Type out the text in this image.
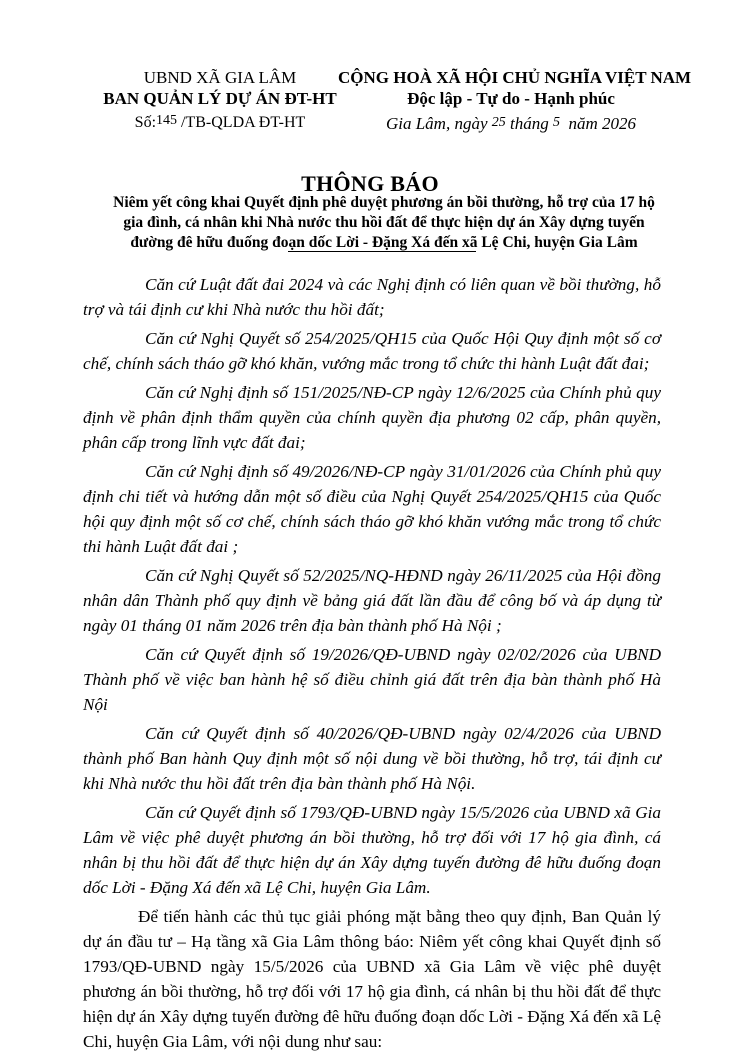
UBND XÃ GIA LÂM
BAN QUẢN LÝ DỰ ÁN ĐT-HT
Số:145 /TB-QLDA ĐT-HT
CỘNG HOÀ XÃ HỘI CHỦ NGHĨA VIỆT NAM
Độc lập - Tự do - Hạnh phúc
Gia Lâm, ngày 25 tháng 5 năm 2026
THÔNG BÁO
Niêm yết công khai Quyết định phê duyệt phương án bồi thường, hỗ trợ của 17 hộ gia đình, cá nhân khi Nhà nước thu hồi đất để thực hiện dự án Xây dựng tuyến đường đê hữu đuống đoạn dốc Lời - Đặng Xá đến xã Lệ Chi, huyện Gia Lâm

Căn cứ Luật đất đai 2024 và các Nghị định có liên quan về bồi thường, hỗ trợ và tái định cư khi Nhà nước thu hồi đất;

Căn cứ Nghị Quyết số 254/2025/QH15 của Quốc Hội Quy định một số cơ chế, chính sách tháo gỡ khó khăn, vướng mắc trong tổ chức thi hành Luật đất đai;

Căn cứ Nghị định số 151/2025/NĐ-CP ngày 12/6/2025 của Chính phủ quy định về phân định thẩm quyền của chính quyền địa phương 02 cấp, phân quyền, phân cấp trong lĩnh vực đất đai;

Căn cứ Nghị định số 49/2026/NĐ-CP ngày 31/01/2026 của Chính phủ quy định chi tiết và hướng dẫn một số điều của Nghị Quyết 254/2025/QH15 của Quốc hội quy định một số cơ chế, chính sách tháo gỡ khó khăn vướng mắc trong tổ chức thi hành Luật đất đai ;

Căn cứ Nghị Quyết số 52/2025/NQ-HĐND ngày 26/11/2025 của Hội đồng nhân dân Thành phố quy định về bảng giá đất lần đầu để công bố và áp dụng từ ngày 01 tháng 01 năm 2026 trên địa bàn thành phố Hà Nội ;

Căn cứ Quyết định số 19/2026/QĐ-UBND ngày 02/02/2026 của UBND Thành phố về việc ban hành hệ số điều chỉnh giá đất trên địa bàn thành phố Hà Nội

Căn cứ Quyết định số 40/2026/QĐ-UBND ngày 02/4/2026 của UBND thành phố Ban hành Quy định một số nội dung về bồi thường, hỗ trợ, tái định cư khi Nhà nước thu hồi đất trên địa bàn thành phố Hà Nội.

Căn cứ Quyết định số 1793/QĐ-UBND ngày 15/5/2026 của UBND xã Gia Lâm về việc phê duyệt phương án bồi thường, hỗ trợ đối với 17 hộ gia đình, cá nhân bị thu hồi đất để thực hiện dự án Xây dựng tuyến đường đê hữu đuống đoạn dốc Lời - Đặng Xá đến xã Lệ Chi, huyện Gia Lâm.

Để tiến hành các thủ tục giải phóng mặt bằng theo quy định, Ban Quản lý dự án đầu tư – Hạ tầng xã Gia Lâm thông báo: Niêm yết công khai Quyết định số 1793/QĐ-UBND ngày 15/5/2026 của UBND xã Gia Lâm về việc phê duyệt phương án bồi thường, hỗ trợ đối với 17 hộ gia đình, cá nhân bị thu hồi đất để thực hiện dự án Xây dựng tuyến đường đê hữu đuống đoạn dốc Lời - Đặng Xá đến xã Lệ Chi, huyện Gia Lâm, với nội dung như sau:
